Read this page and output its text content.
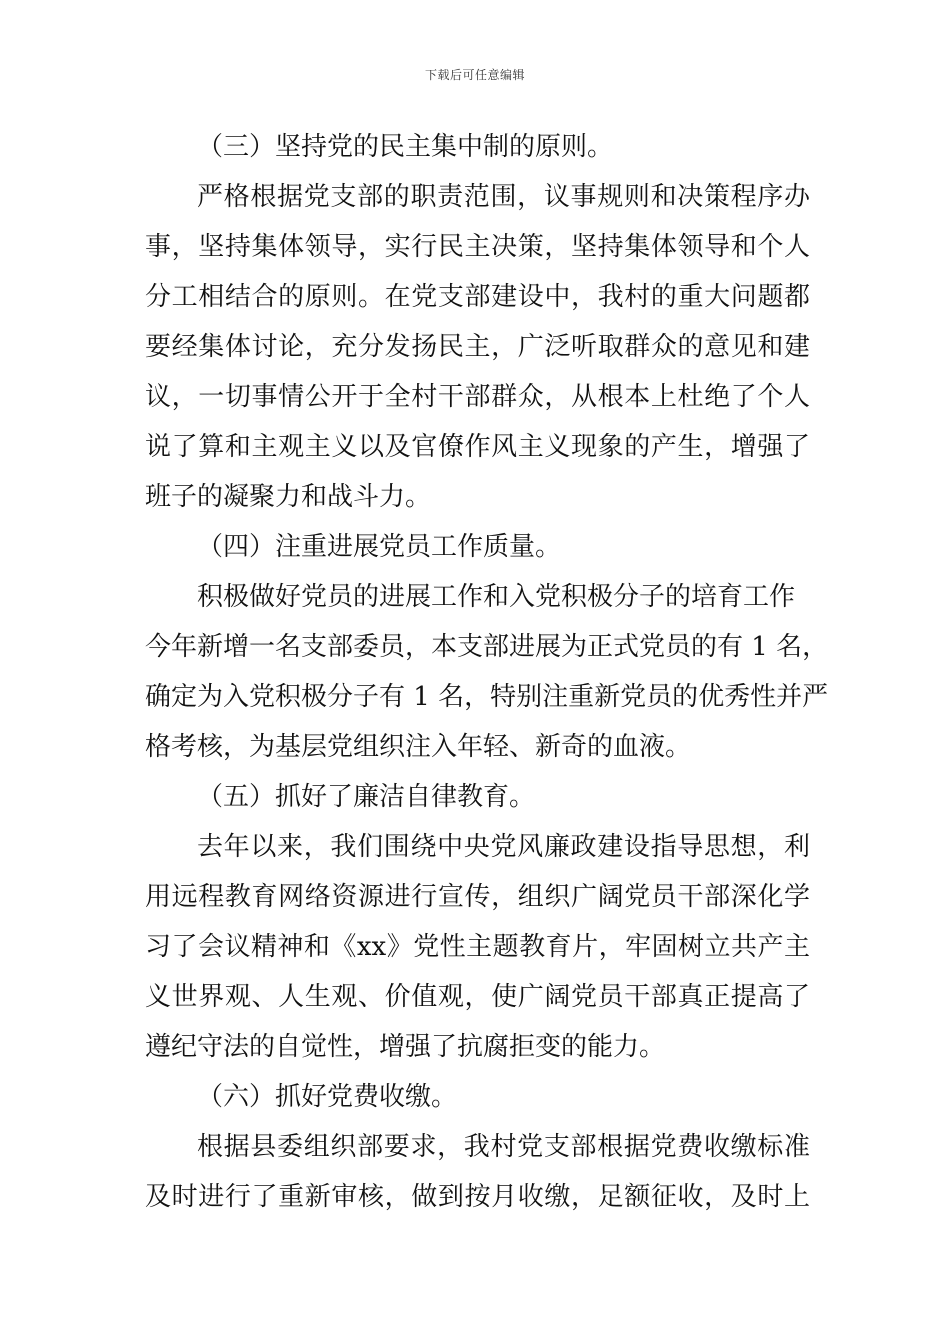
下载后可任意编辑
（三）坚持党的民主集中制的原则。
严格根据党支部的职责范围，议事规则和决策程序办
事，坚持集体领导，实行民主决策，坚持集体领导和个人
分工相结合的原则。在党支部建设中，我村的重大问题都
要经集体讨论，充分发扬民主，广泛听取群众的意见和建
议，一切事情公开于全村干部群众，从根本上杜绝了个人
说了算和主观主义以及官僚作风主义现象的产生，增强了
班子的凝聚力和战斗力。
（四）注重进展党员工作质量。
积极做好党员的进展工作和入党积极分子的培育工作
今年新增一名支部委员，本支部进展为正式党员的有 1 名，
确定为入党积极分子有 1 名，特别注重新党员的优秀性并严
格考核，为基层党组织注入年轻、新奇的血液。
（五）抓好了廉洁自律教育。
去年以来，我们围绕中央党风廉政建设指导思想，利
用远程教育网络资源进行宣传，组织广阔党员干部深化学
习了会议精神和《xx》党性主题教育片，牢固树立共产主
义世界观、人生观、价值观，使广阔党员干部真正提高了
遵纪守法的自觉性，增强了抗腐拒变的能力。
（六）抓好党费收缴。
根据县委组织部要求，我村党支部根据党费收缴标准
及时进行了重新审核，做到按月收缴，足额征收，及时上
